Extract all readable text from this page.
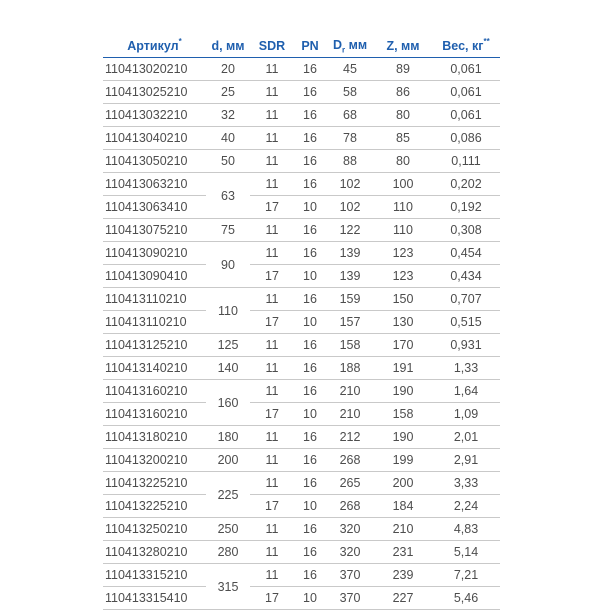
Артикул*	d, мм	SDR	PN	$D_r$ мм	Z, мм	Вес, кг**
110413020210	20	11	16	45	89	0,061
110413025210	25	11	16	58	86	0,061
110413032210	32	11	16	68	80	0,061
110413040210	40	11	16	78	85	0,086
110413050210	50	11	16	88	80	0,111
110413063210	63	11	16	102	100	0,202
110413063410		17	10	102	110	0,192
110413075210	75	11	16	122	110	0,308
110413090210	90	11	16	139	123	0,454
110413090410		17	10	139	123	0,434
110413110210	110	11	16	159	150	0,707
110413110210		17	10	157	130	0,515
110413125210	125	11	16	158	170	0,931
110413140210	140	11	16	188	191	1,33
110413160210	160	11	16	210	190	1,64
110413160210		17	10	210	158	1,09
110413180210	180	11	16	212	190	2,01
110413200210	200	11	16	268	199	2,91
110413225210	225	11	16	265	200	3,33
110413225210		17	10	268	184	2,24
110413250210	250	11	16	320	210	4,83
110413280210	280	11	16	320	231	5,14
110413315210	315	11	16	370	239	7,21
110413315410		17	10	370	227	5,46
